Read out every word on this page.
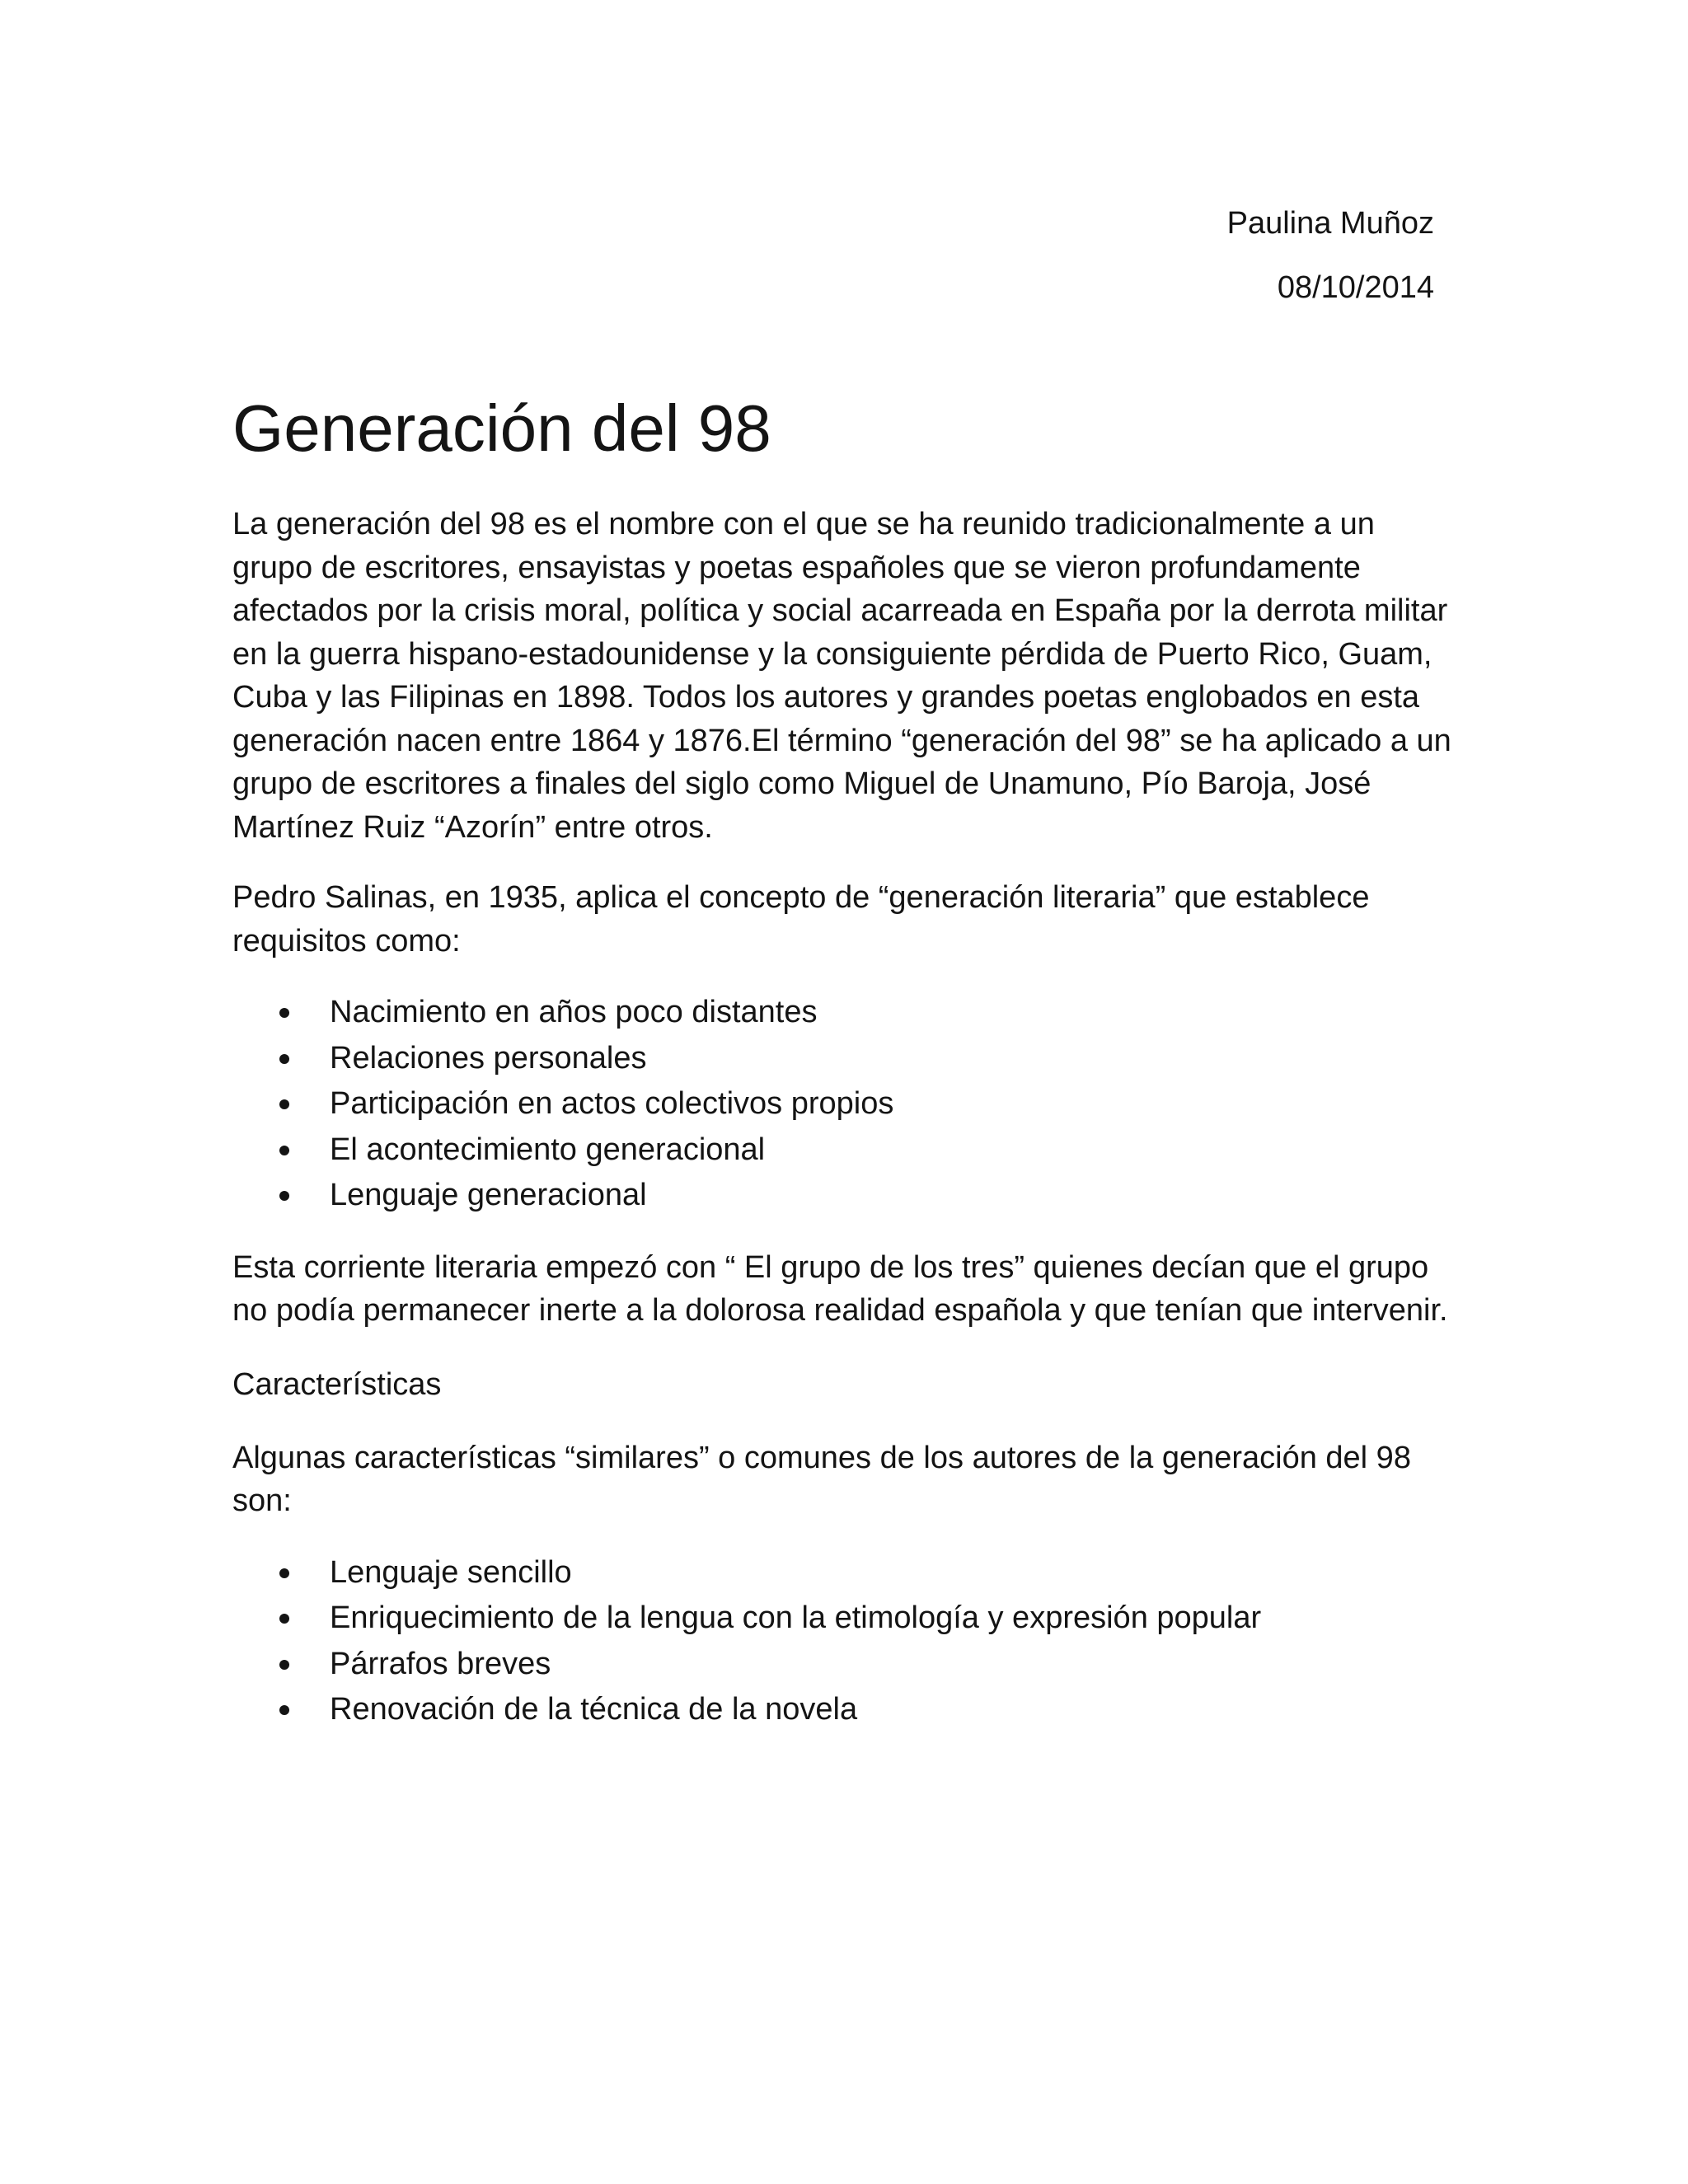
Paulina Muñoz
08/10/2014
Generación del 98

La generación del 98 es el nombre con el que se ha reunido tradicionalmente a un grupo de escritores, ensayistas y poetas españoles que se vieron profundamente afectados por la crisis moral, política y social acarreada en España por la derrota militar en la guerra hispano-estadounidense y la consiguiente pérdida de Puerto Rico, Guam, Cuba y las Filipinas en 1898. Todos los autores y grandes poetas englobados en esta generación nacen entre 1864 y 1876.El término “generación del 98” se ha aplicado a un grupo de escritores a finales del siglo como Miguel de Unamuno, Pío Baroja, José Martínez Ruiz “Azorín” entre otros.

Pedro Salinas, en 1935, aplica el concepto de “generación literaria” que establece requisitos como:

Nacimiento en años poco distantes
Relaciones personales
Participación en actos colectivos propios
El acontecimiento generacional
Lenguaje generacional

Esta corriente literaria empezó con “ El grupo de los tres” quienes decían que el grupo no podía permanecer inerte a la dolorosa realidad española y que tenían que intervenir.

Características

Algunas características “similares” o comunes de los autores de la generación del 98 son:

Lenguaje sencillo
Enriquecimiento de la lengua con la etimología y expresión popular
Párrafos breves
Renovación de la técnica de la novela
